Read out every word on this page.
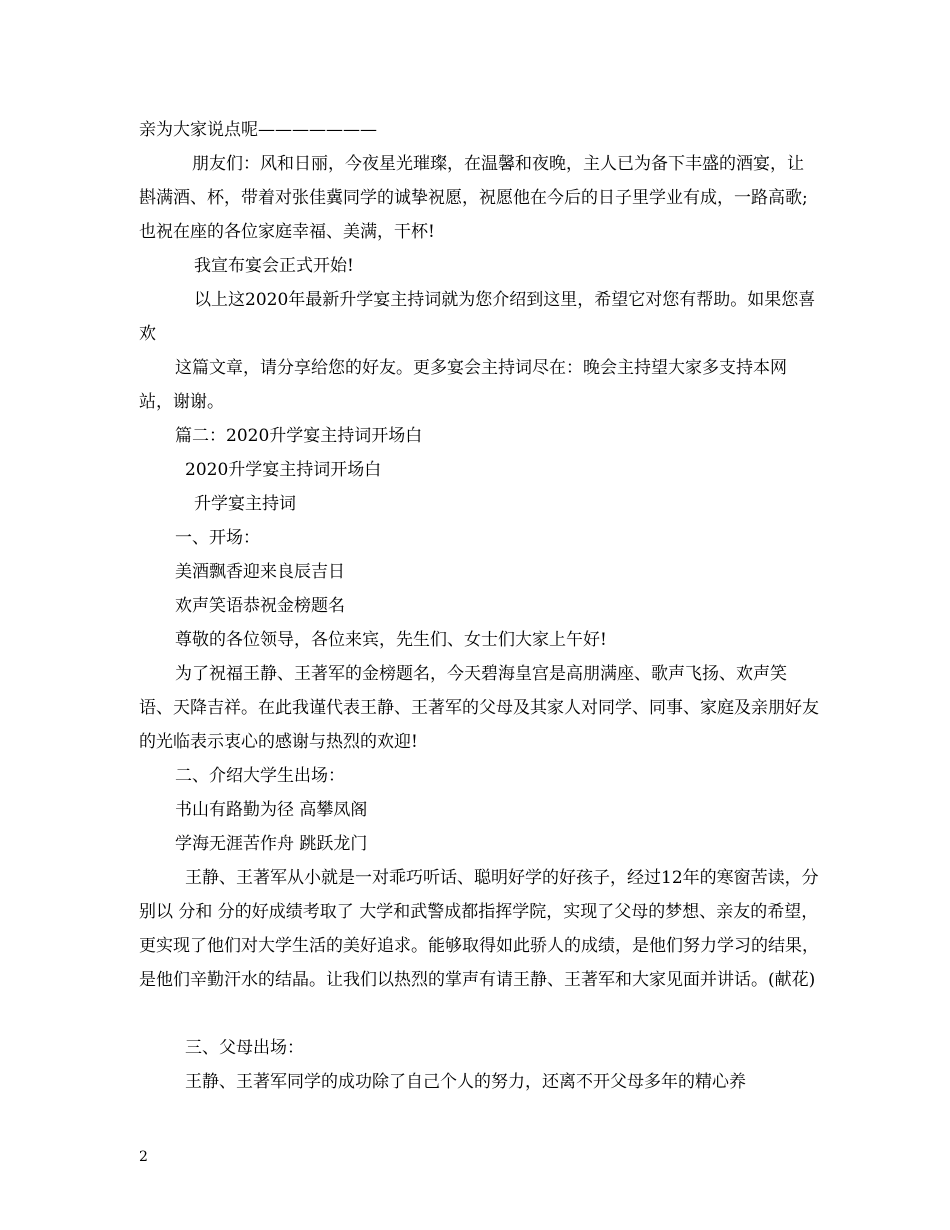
亲为大家说点呢———————

朋友们：风和日丽，今夜星光璀璨，在温馨和夜晚，主人已为备下丰盛的酒宴，让斟满酒、杯，带着对张佳冀同学的诚挚祝愿，祝愿他在今后的日子里学业有成，一路高歌;也祝在座的各位家庭幸福、美满，干杯!

我宣布宴会正式开始!

以上这2020年最新升学宴主持词就为您介绍到这里，希望它对您有帮助。如果您喜欢

这篇文章，请分享给您的好友。更多宴会主持词尽在：晚会主持望大家多支持本网站，谢谢。

篇二：2020升学宴主持词开场白

2020升学宴主持词开场白

升学宴主持词

一、开场：

美酒飘香迎来良辰吉日

欢声笑语恭祝金榜题名

尊敬的各位领导，各位来宾，先生们、女士们大家上午好!

为了祝福王静、王著军的金榜题名，今天碧海皇宫是高朋满座、歌声飞扬、欢声笑语、天降吉祥。在此我谨代表王静、王著军的父母及其家人对同学、同事、家庭及亲朋好友的光临表示衷心的感谢与热烈的欢迎!

二、介绍大学生出场：

书山有路勤为径 高攀凤阁

学海无涯苦作舟 跳跃龙门

王静、王著军从小就是一对乖巧听话、聪明好学的好孩子，经过12年的寒窗苦读，分别以 分和 分的好成绩考取了 大学和武警成都指挥学院，实现了父母的梦想、亲友的希望，更实现了他们对大学生活的美好追求。能够取得如此骄人的成绩，是他们努力学习的结果，是他们辛勤汗水的结晶。让我们以热烈的掌声有请王静、王著军和大家见面并讲话。(献花)

三、父母出场：

王静、王著军同学的成功除了自己个人的努力，还离不开父母多年的精心养

2
